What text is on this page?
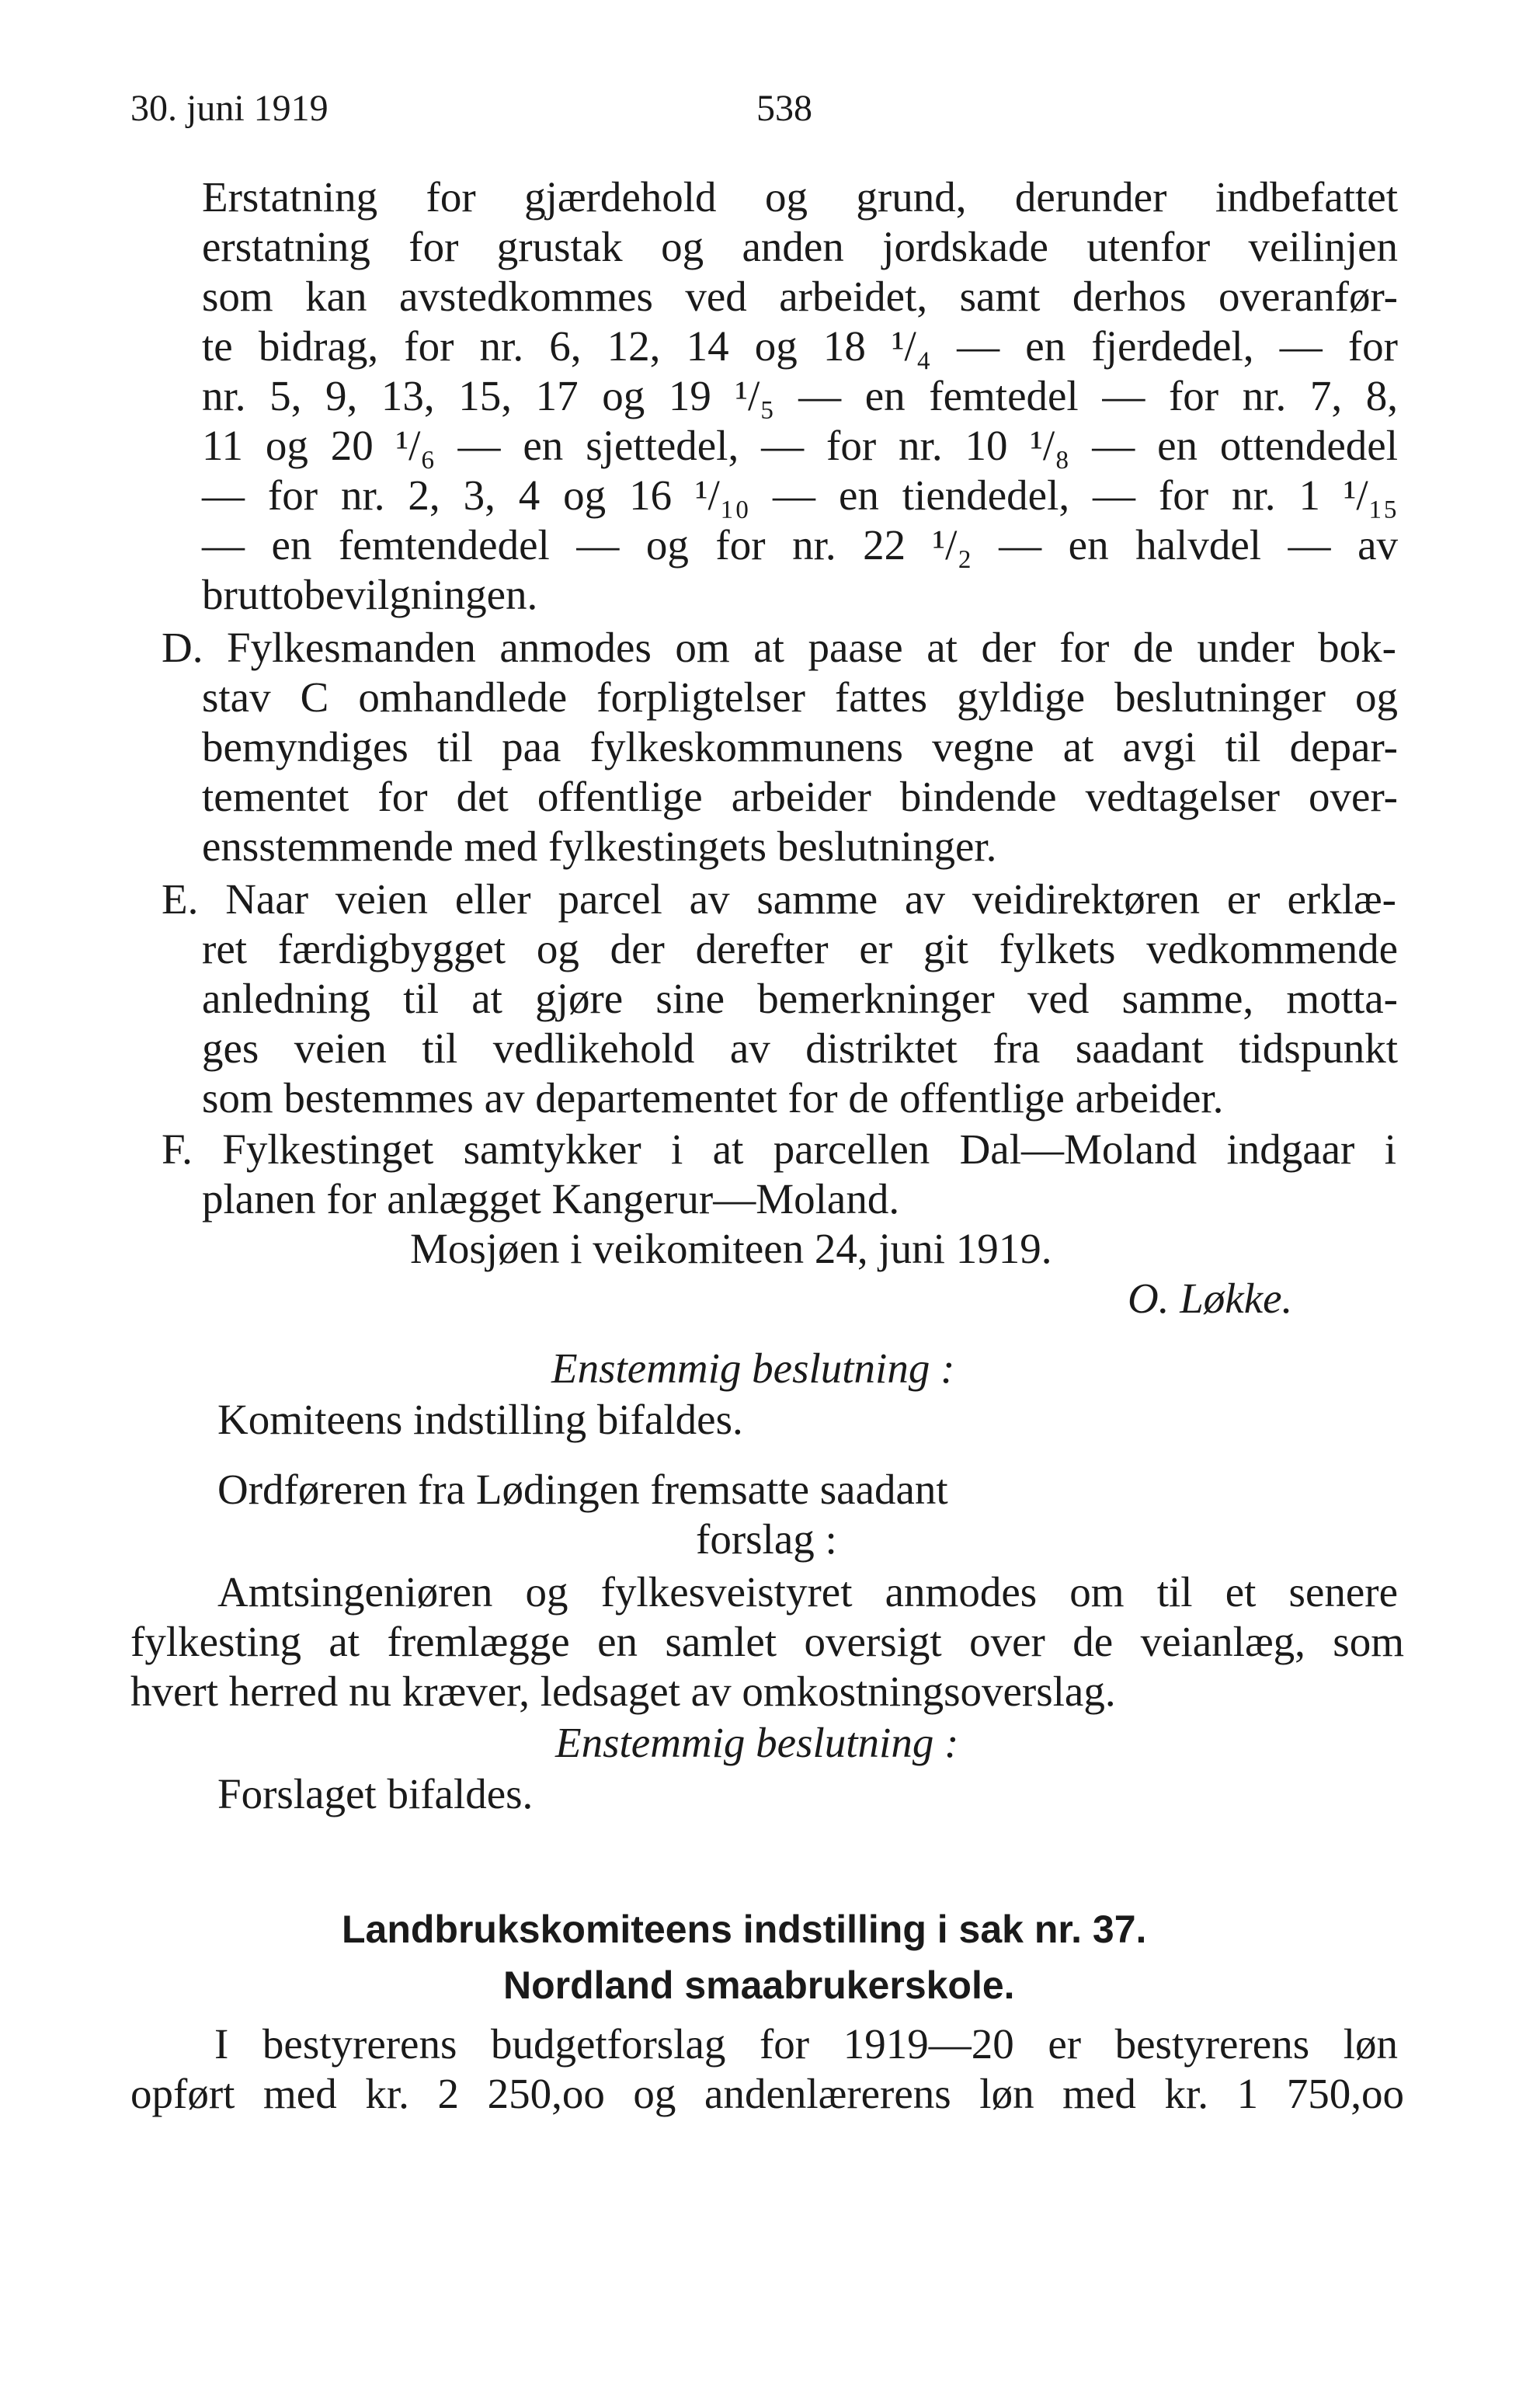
30. juni 1919	538
Erstatning for gjærdehold og grund, derunder indbefattet
erstatning for grustak og anden jordskade utenfor veilinjen
som kan avstedkommes ved arbeidet, samt derhos overanfør-
te bidrag, for nr. 6, 12, 14 og 18 ¹/₄ — en fjerdedel, — for
nr. 5, 9, 13, 15, 17 og 19 ¹/₅ — en femtedel — for nr. 7, 8,
11 og 20 ¹/₆ — en sjettedel, — for nr. 10 ¹/₈ — en ottendedel
— for nr. 2, 3, 4 og 16 ¹/₁₀ — en tiendedel, — for nr. 1 ¹/₁₅
— en femtendedel — og for nr. 22 ¹/₂ — en halvdel — av
bruttobevilgningen.
D. Fylkesmanden anmodes om at paase at der for de under bok-
stav C omhandlede forpligtelser fattes gyldige beslutninger og
bemyndiges til paa fylkeskommunens vegne at avgi til depar-
tementet for det offentlige arbeider bindende vedtagelser over-
ensstemmende med fylkestingets beslutninger.
E. Naar veien eller parcel av samme av veidirektøren er erklæ-
ret færdigbygget og der derefter er git fylkets vedkommende
anledning til at gjøre sine bemerkninger ved samme, motta-
ges veien til vedlikehold av distriktet fra saadant tidspunkt
som bestemmes av departementet for de offentlige arbeider.
F. Fylkestinget samtykker i at parcellen Dal—Moland indgaar i
planen for anlægget Kangerur—Moland.
Mosjøen i veikomiteen 24, juni 1919.
O. Løkke.
Enstemmig beslutning :
Komiteens indstilling bifaldes.
Ordføreren fra Lødingen fremsatte saadant
forslag :
Amtsingeniøren og fylkesveistyret anmodes om til et senere
fylkesting at fremlægge en samlet oversigt over de veianlæg, som
hvert herred nu kræver, ledsaget av omkostningsoverslag.
Enstemmig beslutning :
Forslaget bifaldes.
Landbrukskomiteens indstilling i sak nr. 37.
Nordland smaabrukerskole.
I bestyrerens budgetforslag for 1919—20 er bestyrerens løn
opført med kr. 2 250,oo og andenlærerens løn med kr. 1 750,oo
